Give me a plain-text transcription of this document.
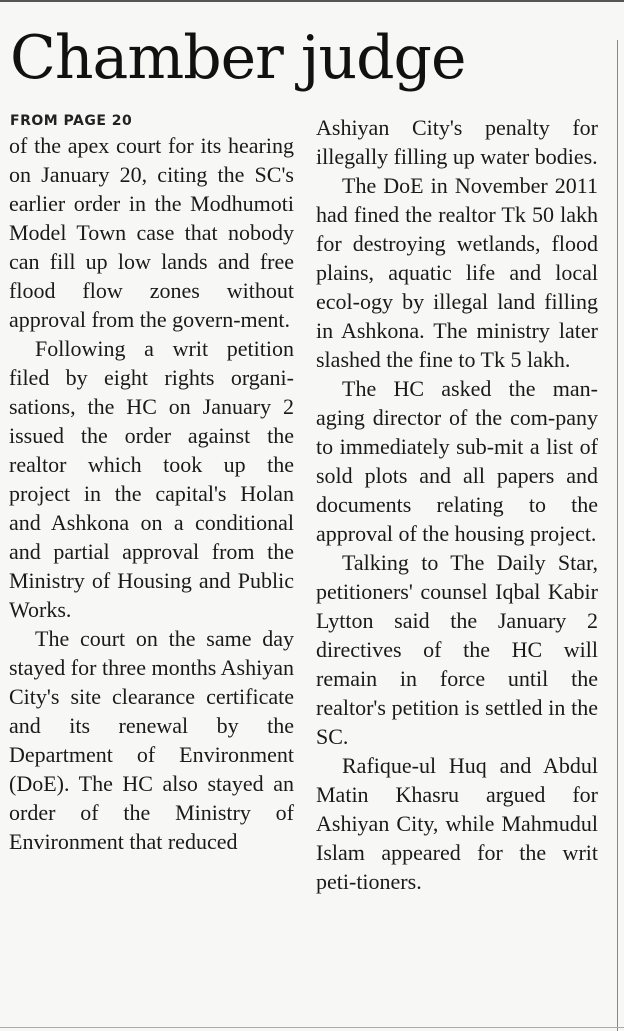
Chamber judge
FROM PAGE 20

of the apex court for its hearing on January 20, citing the SC's earlier order in the Modhumoti Model Town case that nobody can fill up low lands and free flood flow zones without approval from the govern-ment.

Following a writ petition filed by eight rights organi-sations, the HC on January 2 issued the order against the realtor which took up the project in the capital's Holan and Ashkona on a conditional and partial approval from the Ministry of Housing and Public Works.

The court on the same day stayed for three months Ashiyan City's site clearance certificate and its renewal by the Department of Environment (DoE). The HC also stayed an order of the Ministry of Environment that reduced

Ashiyan City's penalty for illegally filling up water bodies.

The DoE in November 2011 had fined the realtor Tk 50 lakh for destroying wetlands, flood plains, aquatic life and local ecol-ogy by illegal land filling in Ashkona. The ministry later slashed the fine to Tk 5 lakh.

The HC asked the man-aging director of the com-pany to immediately sub-mit a list of sold plots and all papers and documents relating to the approval of the housing project.

Talking to The Daily Star, petitioners' counsel Iqbal Kabir Lytton said the January 2 directives of the HC will remain in force until the realtor's petition is settled in the SC.

Rafique-ul Huq and Abdul Matin Khasru argued for Ashiyan City, while Mahmudul Islam appeared for the writ peti-tioners.
